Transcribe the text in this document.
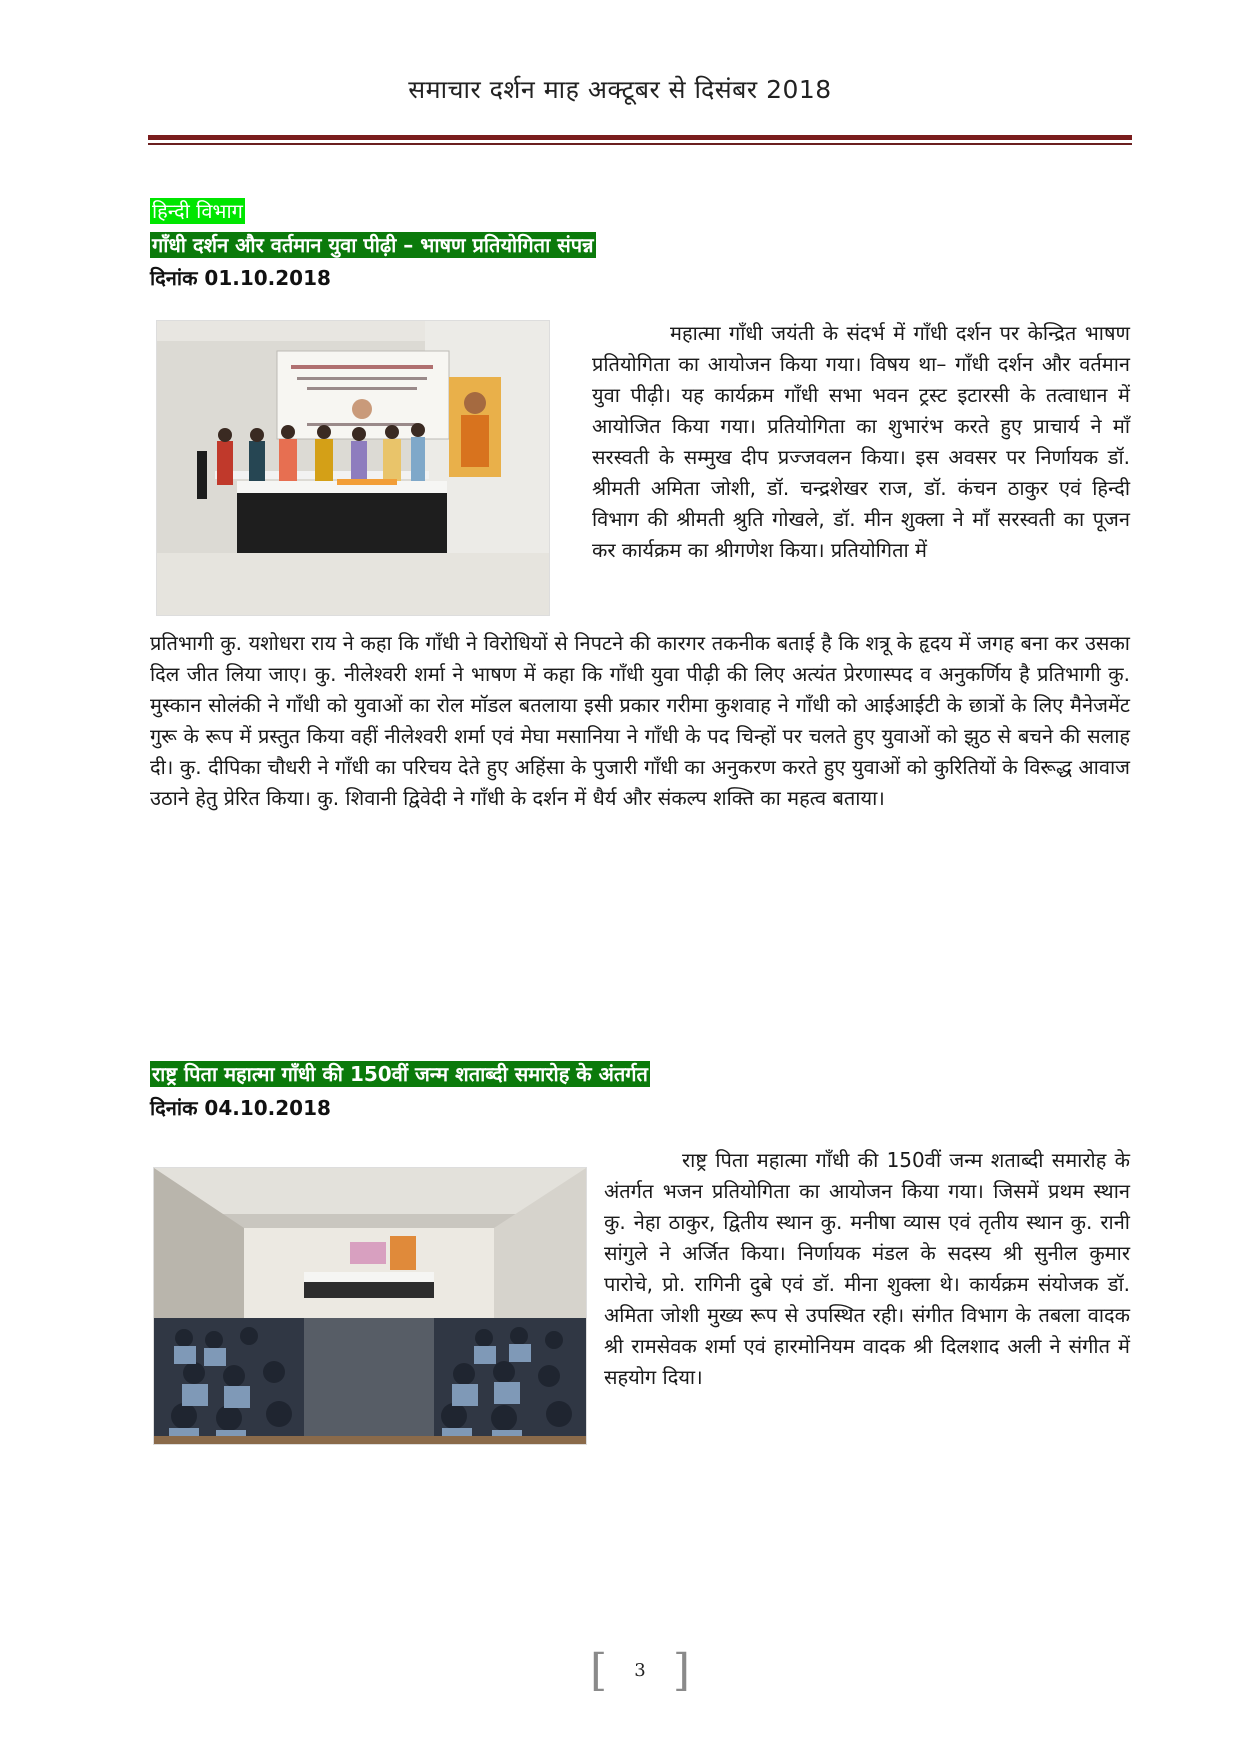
समाचार दर्शन माह अक्टूबर से दिसंबर 2018
हिन्दी विभाग
गाँधी दर्शन और वर्तमान युवा पीढ़ी – भाषण प्रतियोगिता संपन्न
दिनांक 01.10.2018
महात्मा गाँधी जयंती के संदर्भ में गाँधी दर्शन पर केन्द्रित भाषण प्रतियोगिता का आयोजन किया गया। विषय था– गाँधी दर्शन और वर्तमान युवा पीढ़ी। यह कार्यक्रम गाँधी सभा भवन ट्रस्ट इटारसी के तत्वाधान में आयोजित किया गया। प्रतियोगिता का शुभारंभ करते हुए प्राचार्य ने माँ सरस्वती के सम्मुख दीप प्रज्जवलन किया। इस अवसर पर निर्णायक डॉ. श्रीमती अमिता जोशी, डॉ. चन्द्रशेखर राज, डॉ. कंचन ठाकुर एवं हिन्दी विभाग की श्रीमती श्रुति गोखले, डॉ. मीन शुक्ला ने माँ सरस्वती का पूजन कर कार्यक्रम का श्रीगणेश किया। प्रतियोगिता में
प्रतिभागी कु. यशोधरा राय ने कहा कि गाँधी ने विरोधियों से निपटने की कारगर तकनीक बताई है कि शत्रू के हृदय में जगह बना कर उसका दिल जीत लिया जाए। कु. नीलेश्वरी शर्मा ने भाषण में कहा कि गाँधी युवा पीढ़ी की लिए अत्यंत प्रेरणास्पद व अनुकर्णिय है प्रतिभागी कु. मुस्कान सोलंकी ने गाँधी को युवाओं का रोल मॉडल बतलाया इसी प्रकार गरीमा कुशवाह ने गाँधी को आईआईटी के छात्रों के लिए मैनेजमेंट गुरू के रूप में प्रस्तुत किया वहीं नीलेश्वरी शर्मा एवं मेघा मसानिया ने गाँधी के पद चिन्हों पर चलते हुए युवाओं को झुठ से बचने की सलाह दी। कु. दीपिका चौधरी ने गाँधी का परिचय देते हुए अहिंसा के पुजारी गाँधी का अनुकरण करते हुए युवाओं को कुरितियों के विरूद्ध आवाज उठाने हेतु प्रेरित किया। कु. शिवानी द्विवेदी ने गाँधी के दर्शन में धैर्य और संकल्प शक्ति का महत्व बताया।
राष्ट्र पिता महात्मा गाँधी की 150वीं जन्म शताब्दी समारोह के अंतर्गत
दिनांक 04.10.2018
राष्ट्र पिता महात्मा गाँधी की 150वीं जन्म शताब्दी समारोह के अंतर्गत भजन प्रतियोगिता का आयोजन किया गया। जिसमें प्रथम स्थान कु. नेहा ठाकुर, द्वितीय स्थान कु. मनीषा व्यास एवं तृतीय स्थान कु. रानी सांगुले ने अर्जित किया। निर्णायक मंडल के सदस्य श्री सुनील कुमार पारोचे, प्रो. रागिनी दुबे एवं डॉ. मीना शुक्ला थे। कार्यक्रम संयोजक डॉ. अमिता जोशी मुख्य रूप से उपस्थित रही। संगीत विभाग के तबला वादक श्री रामसेवक शर्मा एवं हारमोनियम वादक श्री दिलशाद अली ने संगीत में सहयोग दिया।
[	3 ]
